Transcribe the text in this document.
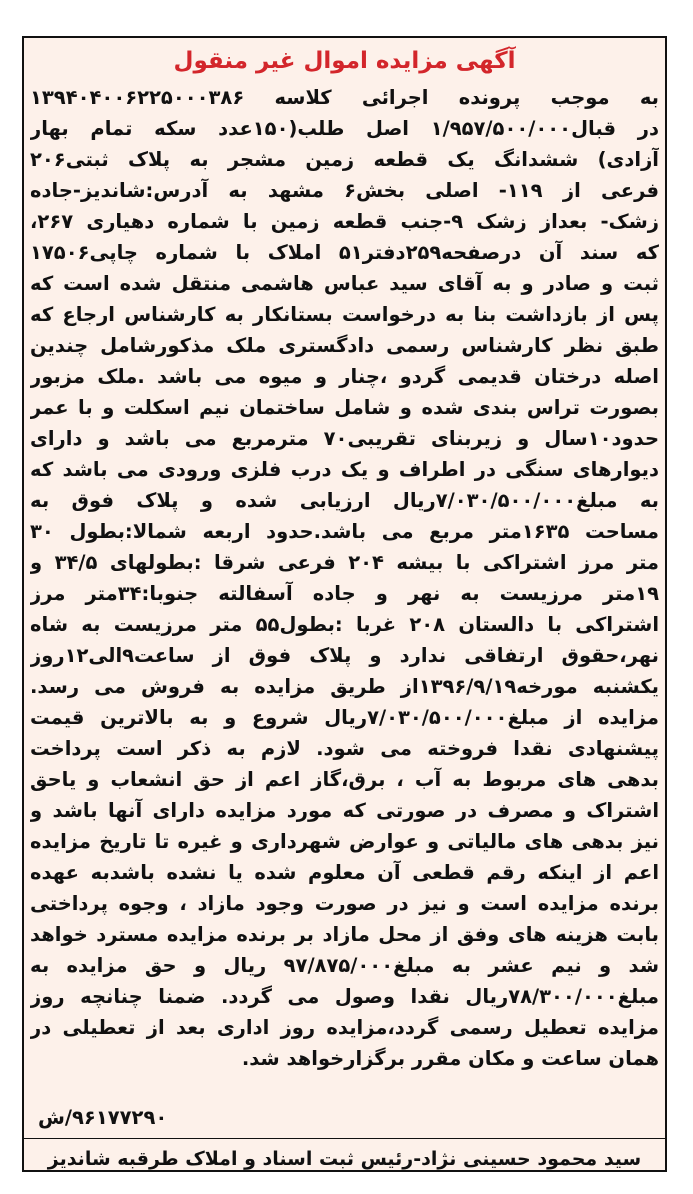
آگهی مزایده اموال غیر منقول
به موجب پرونده اجرائی کلاسه ۱۳۹۴۰۴۰۰۶۲۲۵۰۰۰۳۸۶
در قبال۱/۹۵۷/۵۰۰/۰۰۰ اصل طلب(۱۵۰عدد سکه تمام بهار
آزادی) ششدانگ یک قطعه زمین مشجر به پلاک ثبتی۲۰۶
فرعی از ۱۱۹- اصلی بخش۶ مشهد به آدرس:شاندیز-جاده
زشک- بعداز زشک ۹-جنب قطعه زمین با شماره دهیاری ۲۶۷،
که سند آن درصفحه۲۵۹دفتر۵۱ املاک با شماره چاپی۱۷۵۰۶
ثبت و صادر و به آقای سید عباس هاشمی منتقل شده است که
پس از بازداشت بنا به درخواست بستانکار به کارشناس ارجاع که
طبق نظر کارشناس رسمی دادگستری ملک مذکورشامل چندین
اصله درختان قدیمی گردو ،چنار و میوه می باشد .ملک مزبور
بصورت تراس بندی شده و شامل ساختمان نیم اسکلت و با عمر
حدود۱۰سال و زیربنای تقریبی۷۰ مترمربع می باشد و دارای
دیوارهای سنگی در اطراف و یک درب فلزی ورودی می باشد که
به مبلغ۷/۰۳۰/۵۰۰/۰۰۰ریال ارزیابی شده و پلاک فوق به
مساحت ۱۶۳۵متر مربع می باشد.حدود اربعه شمالا:بطول ۳۰
متر مرز اشتراکی با بیشه ۲۰۴ فرعی شرقا :بطولهای ۳۴/۵ و
۱۹متر مرزیست به نهر و جاده آسفالته جنوبا:۳۴متر مرز
اشتراکی با دالستان ۲۰۸ غربا :بطول۵۵ متر مرزیست به شاه
نهر،حقوق ارتفاقی ندارد و پلاک فوق از ساعت۹الی۱۲روز
یکشنبه مورخه۱۳۹۶/۹/۱۹از طریق مزایده به فروش می رسد.
مزایده از مبلغ۷/۰۳۰/۵۰۰/۰۰۰ریال شروع و به بالاترین قیمت
پیشنهادی نقدا فروخته می شود. لازم به ذکر است پرداخت
بدهی های مربوط به آب ، برق،گاز اعم از حق انشعاب و یاحق
اشتراک و مصرف در صورتی که مورد مزایده دارای آنها باشد و
نیز بدهی های مالیاتی و عوارض شهرداری و غیره تا تاریخ مزایده
اعم از اینکه رقم قطعی آن معلوم شده یا نشده باشدبه عهده
برنده مزایده است و نیز در صورت وجود مازاد ، وجوه پرداختی
بابت هزینه های وفق از محل مازاد بر برنده مزایده مسترد خواهد
شد و نیم عشر به مبلغ۹۷/۸۷۵/۰۰۰ ریال و حق مزایده به
مبلغ۷۸/۳۰۰/۰۰۰ریال نقدا وصول می گردد. ضمنا چنانچه روز
مزایده تعطیل رسمی گردد،مزایده روز اداری بعد از تعطیلی در
همان ساعت و مکان مقرر برگزارخواهد شد.
۹۶۱۷۷۲۹۰/ش
سید محمود حسینی نژاد-رئیس ثبت اسناد و املاک طرقبه شاندیز
